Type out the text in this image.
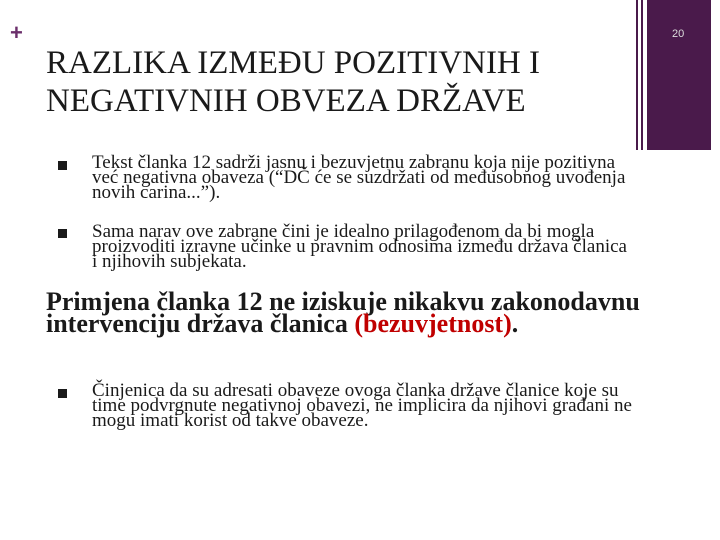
+	20
RAZLIKA IZMEĐU POZITIVNIH I NEGATIVNIH OBVEZA DRŽAVE
Tekst članka 12 sadrži jasnu i bezuvjetnu zabranu koja nije pozitivna već negativna obaveza (“DČ će se suzdržati od međusobnog uvođenja novih carina...”).
Sama narav ove zabrane čini je idealno prilagođenom da bi mogla proizvoditi izravne učinke u pravnim odnosima između država članica i njihovih subjekata.
Primjena članka 12 ne iziskuje nikakvu zakonodavnu intervenciju država članica (bezuvjetnost).
Činjenica da su adresati obaveze ovoga članka države članice koje su time podvrgnute negativnoj obavezi, ne implicira da njihovi građani ne mogu imati korist od takve obaveze.
